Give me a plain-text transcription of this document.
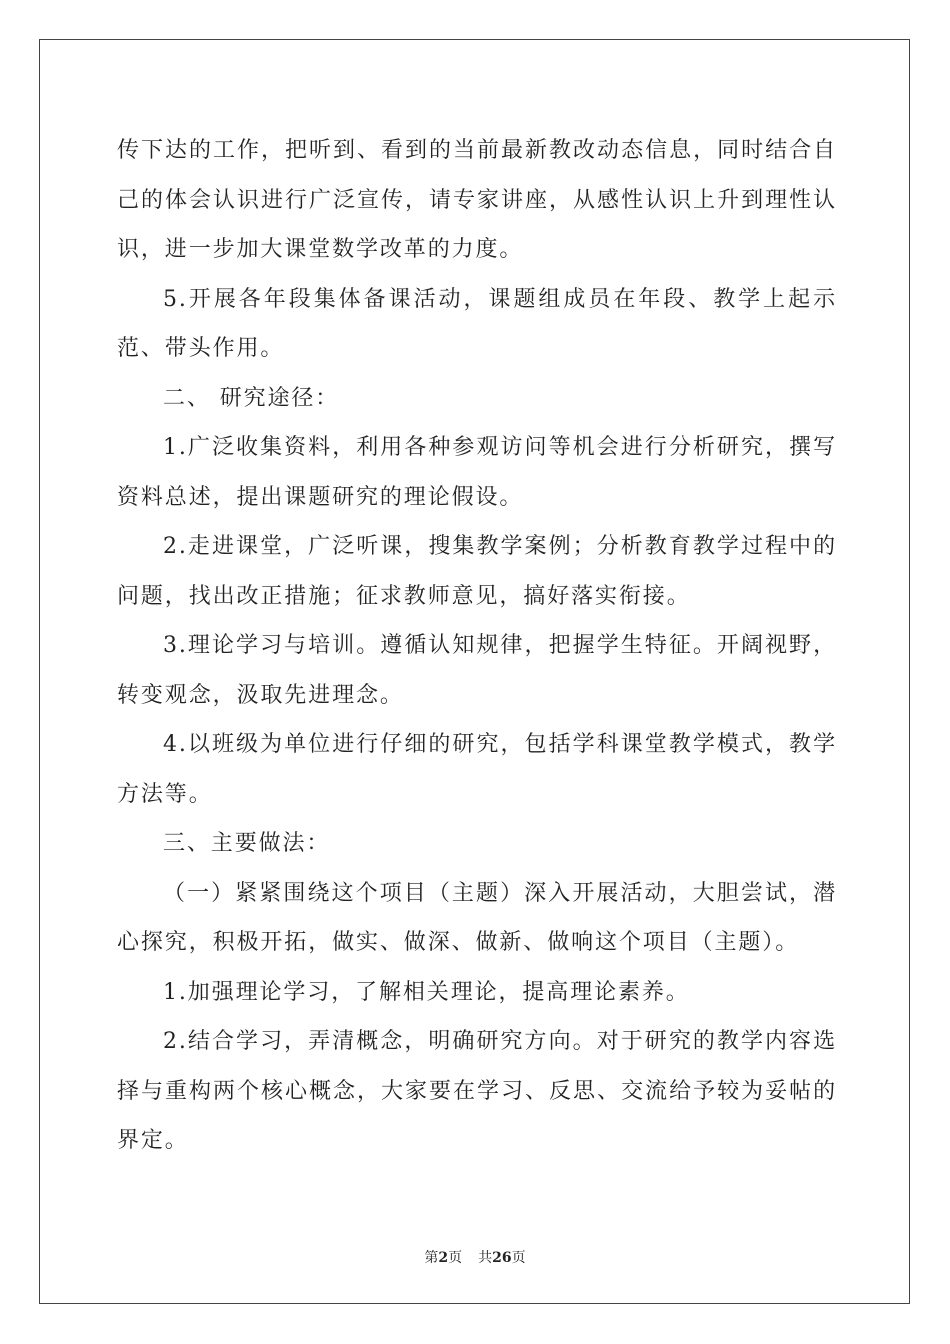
传下达的工作，把听到、看到的当前最新教改动态信息，同时结合自己的体会认识进行广泛宣传，请专家讲座，从感性认识上升到理性认识，进一步加大课堂数学改革的力度。

5.开展各年段集体备课活动，课题组成员在年段、教学上起示范、带头作用。

二、 研究途径：

1.广泛收集资料，利用各种参观访问等机会进行分析研究，撰写资料总述，提出课题研究的理论假设。

2.走进课堂，广泛听课，搜集教学案例；分析教育教学过程中的问题，找出改正措施；征求教师意见，搞好落实衔接。

3.理论学习与培训。遵循认知规律，把握学生特征。开阔视野，转变观念，汲取先进理念。

4.以班级为单位进行仔细的研究，包括学科课堂教学模式，教学方法等。

三、主要做法：

（一）紧紧围绕这个项目（主题）深入开展活动，大胆尝试，潜心探究，积极开拓，做实、做深、做新、做响这个项目（主题）。

1.加强理论学习，了解相关理论，提高理论素养。

2.结合学习，弄清概念，明确研究方向。对于研究的教学内容选择与重构两个核心概念，大家要在学习、反思、交流给予较为妥帖的界定。

第2页 共26页
